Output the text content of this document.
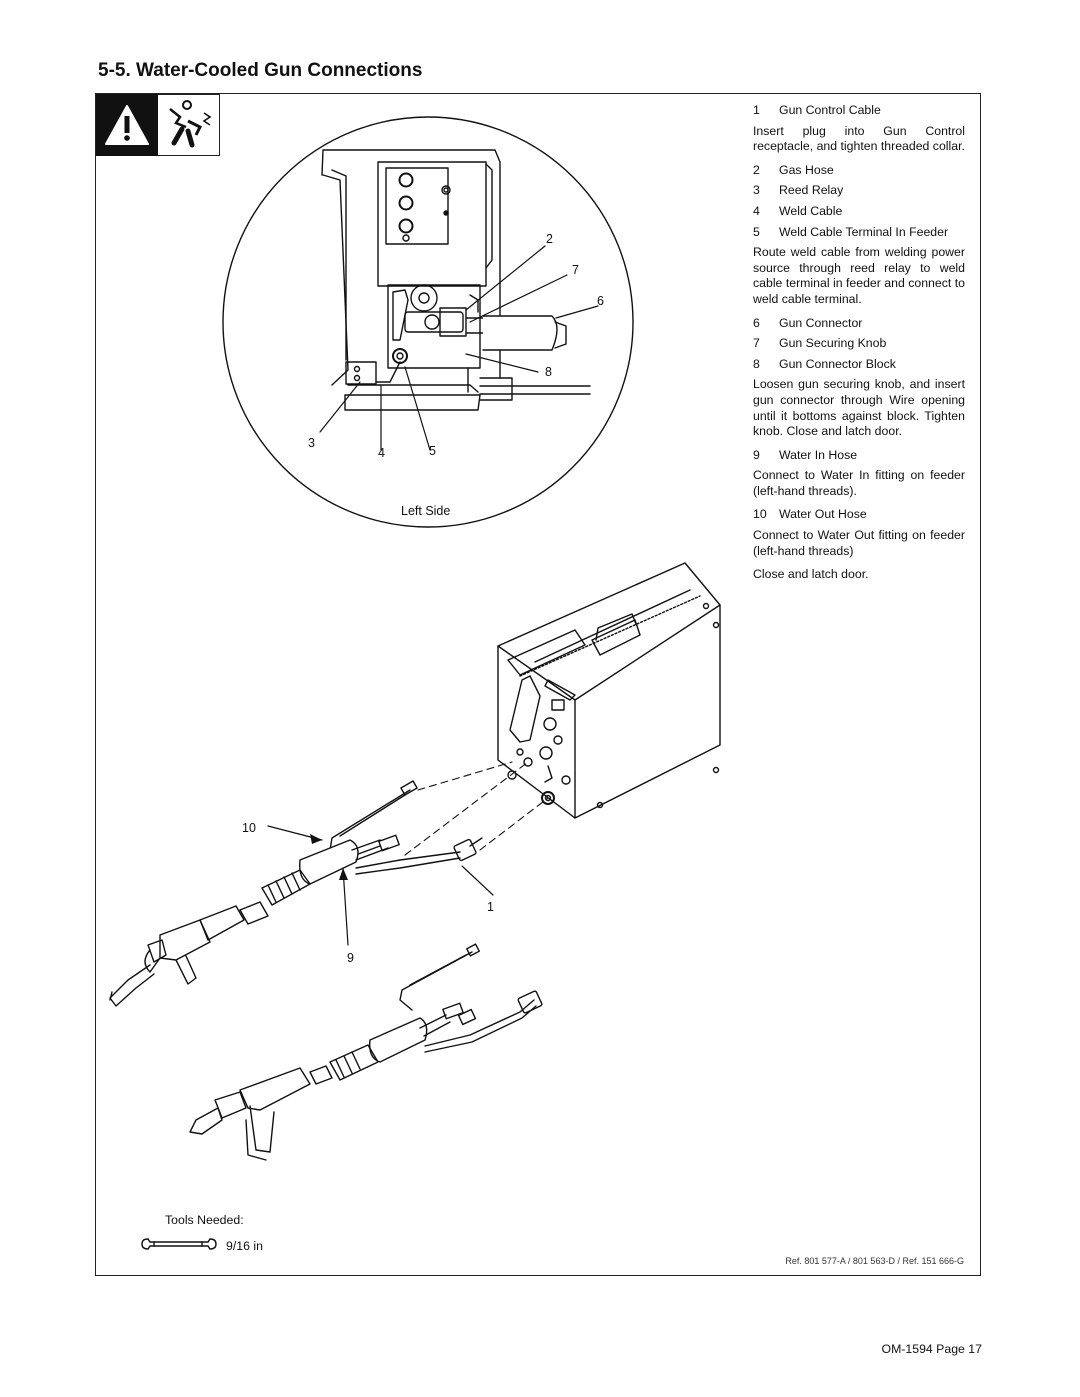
5-5. Water-Cooled Gun Connections
2
7
6
8
3
4	5
Left Side
10
1
9
1	Gun Control Cable
Insert plug into Gun Control receptacle, and tighten threaded collar.
2	Gas Hose
3	Reed Relay
4	Weld Cable
5	Weld Cable Terminal In Feeder
Route weld cable from welding power source through reed relay to weld cable terminal in feeder and connect to weld cable terminal.
6	Gun Connector
7	Gun Securing Knob
8	Gun Connector Block
Loosen gun securing knob, and insert gun connector through Wire opening until it bottoms against block. Tighten knob. Close and latch door.
9	Water In Hose
Connect to Water In fitting on feeder (left-hand threads).
10	Water Out Hose
Connect to Water Out fitting on feeder (left-hand threads)
Close and latch door.
Tools Needed:
9/16 in
Ref. 801 577-A / 801 563-D / Ref. 151 666-G
OM-1594 Page 17
